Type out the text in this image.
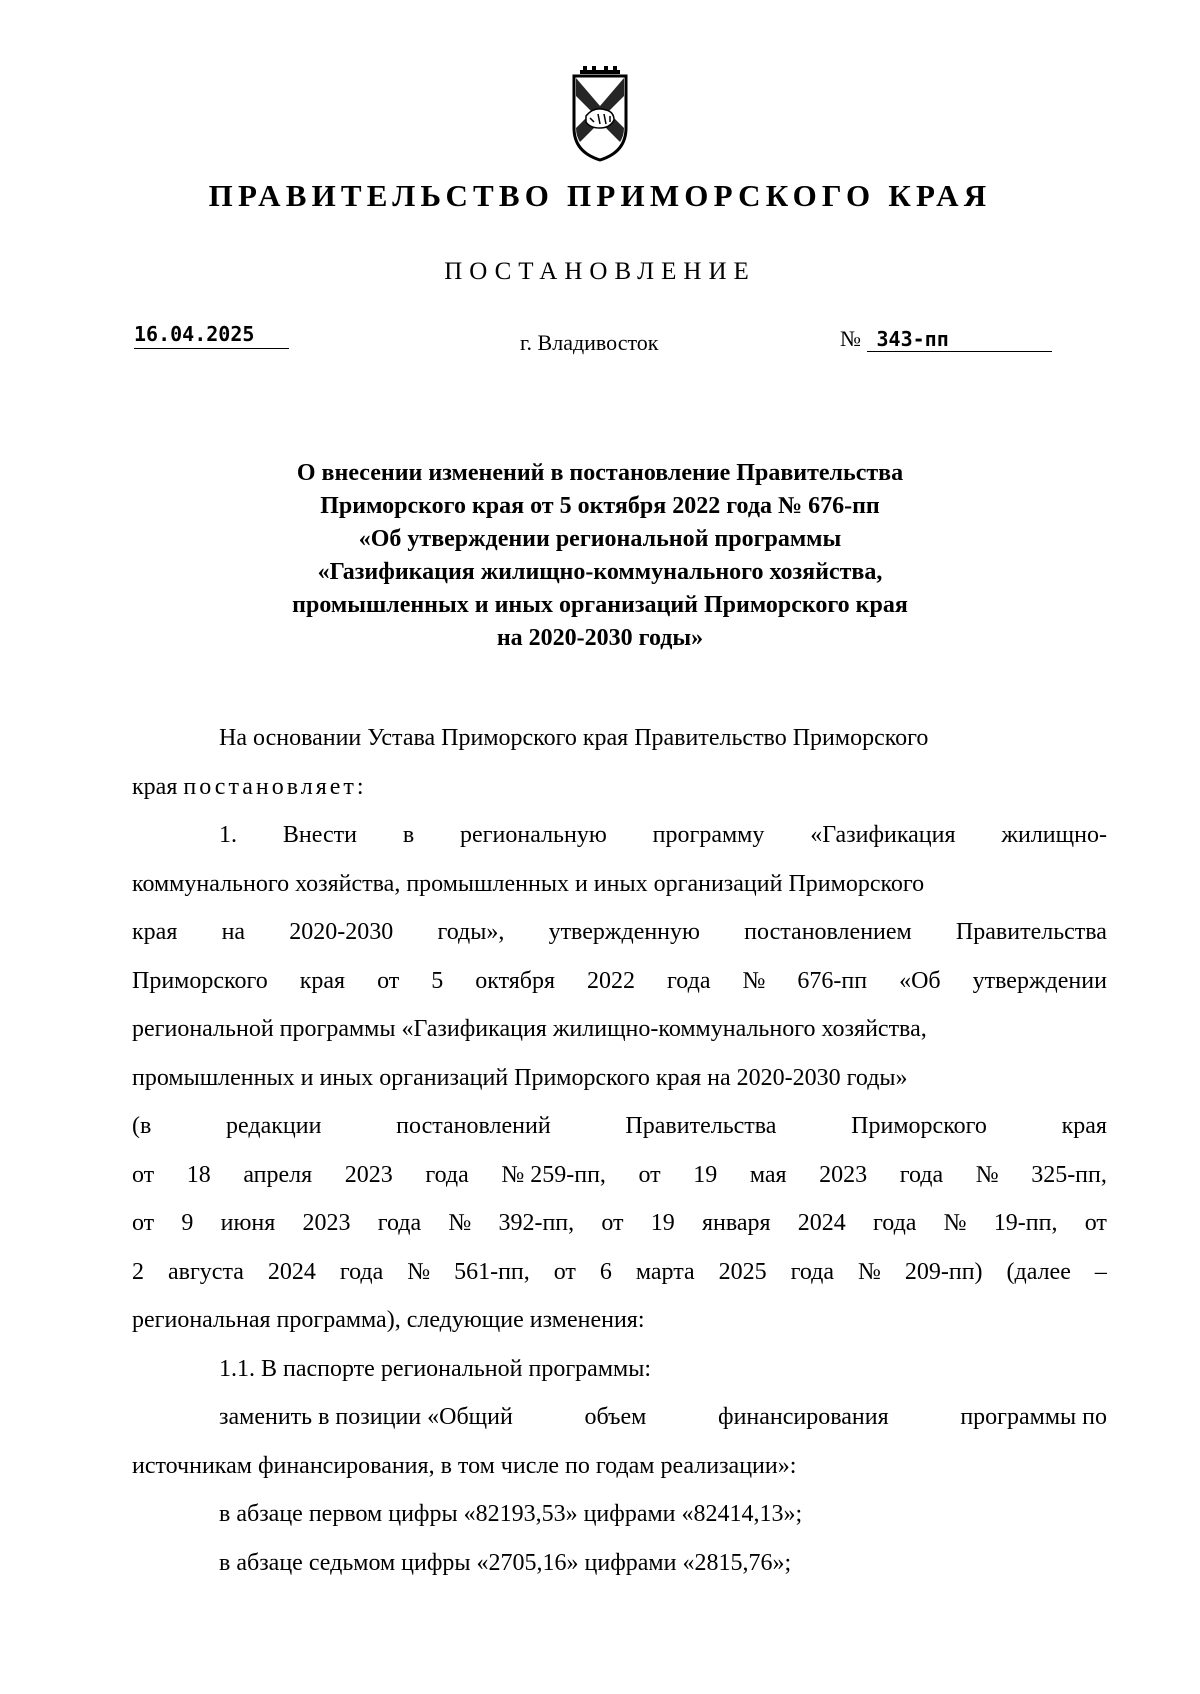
ПРАВИТЕЛЬСТВО ПРИМОРСКОГО КРАЯ
ПОСТАНОВЛЕНИЕ
16.04.2025	г. Владивосток	№ 343-пп
О внесении изменений в постановление Правительства
Приморского края от 5 октября 2022 года № 676-пп
«Об утверждении региональной программы
«Газификация жилищно-коммунального хозяйства,
промышленных и иных организаций Приморского края
на 2020-2030 годы»
На основании Устава Приморского края Правительство Приморского
края постановляет:
1. Внести в региональную программу «Газификация жилищно-
коммунального хозяйства, промышленных и иных организаций Приморского
края на 2020-2030 годы», утвержденную постановлением Правительства
Приморского края от 5 октября 2022 года № 676-пп «Об утверждении
региональной программы «Газификация жилищно-коммунального хозяйства,
промышленных и иных организаций Приморского края на 2020-2030 годы»
(в	редакции	постановлений	Правительства	Приморского	края
от 18 апреля 2023 года № 259-пп, от 19 мая 2023 года № 325-пп,
от 9 июня 2023 года № 392-пп, от 19 января 2024 года № 19-пп, от
2 августа 2024 года № 561-пп, от 6 марта 2025 года № 209-пп) (далее –
региональная программа), следующие изменения:
1.1. В паспорте региональной программы:
заменить в позиции «Общий	объем	финансирования	программы по
источникам финансирования, в том числе по годам реализации»:
в абзаце первом цифры «82193,53» цифрами «82414,13»;
в абзаце седьмом цифры «2705,16» цифрами «2815,76»;
